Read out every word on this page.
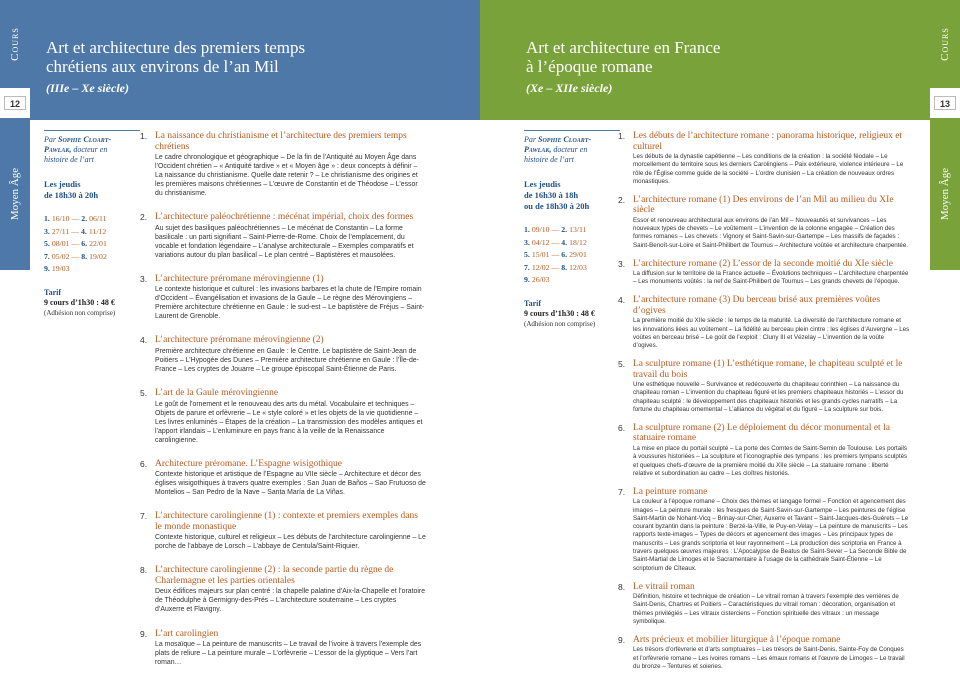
Cours
12
Moyen Âge
Art et architecture des premiers temps
chrétiens aux environs de l’an Mil
(IIIe – Xe siècle)
Par Sophie Cloart-
Pawlak, docteur en
histoire de l’art
Les jeudis
de 18h30 à 20h
1. 16/10 — 2. 06/11
3. 27/11 — 4. 11/12
5. 08/01 — 6. 22/01
7. 05/02 — 8. 19/02
9. 19/03
Tarif
9 cours d’1h30 : 48 €
(Adhésion non comprise)
1. La naissance du christianisme et l’architecture des premiers temps chrétiens
Le cadre chronologique et géographique – De la fin de l’Antiquité au Moyen Âge dans l’Occident chrétien – « Antiquité tardive » et « Moyen âge » : deux concepts à définir – La naissance du christianisme. Quelle date retenir ? – Le christianisme des origines et les premières maisons chrétiennes – L’œuvre de Constantin et de Théodose – L’essor du christianisme.
2. L’architecture paléochrétienne : mécénat impérial, choix des formes
Au sujet des basiliques paléochrétiennes – Le mécénat de Constantin – La forme basilicale : un parti signifiant – Saint-Pierre-de-Rome. Choix de l’emplacement, du vocable et fondation légendaire – L’analyse architecturale – Exemples comparatifs et variations autour du plan basilical – Le plan centré – Baptistères et mausolées.
3. L’architecture préromane mérovingienne (1)
Le contexte historique et culturel : les invasions barbares et la chute de l’Empire romain d’Occident – Évangélisation et invasions de la Gaule – Le règne des Mérovingiens – Première architecture chrétienne en Gaule : le sud-est – Le baptistère de Fréjus – Saint-Laurent de Grenoble.
4. L’architecture préromane mérovingienne (2)
Première architecture chrétienne en Gaule : le Centre. Le baptistère de Saint-Jean de Poitiers – L’Hypogée des Dunes – Première architecture chrétienne en Gaule : l’Île-de-France – Les cryptes de Jouarre – Le groupe épiscopal Saint-Étienne de Paris.
5. L’art de la Gaule mérovingienne
Le goût de l’ornement et le renouveau des arts du métal. Vocabulaire et techniques – Objets de parure et orfèvrerie – Le « style coloré » et les objets de la vie quotidienne – Les livres enluminés – Étapes de la création – La transmission des modèles antiques et l’apport irlandais – L’enluminure en pays franc à la veille de la Renaissance carolingienne.
6. Architecture préromane. L’Espagne wisigothique
Contexte historique et artistique de l’Espagne au VIIe siècle – Architecture et décor des églises wisigothiques à travers quatre exemples : San Juan de Baños – Sao Frutuoso de Montelios – San Pedro de la Nave – Santa María de La Viñas.
7. L’architecture carolingienne (1) : contexte et premiers exemples dans le monde monastique
Contexte historique, culturel et religieux – Les débuts de l’architecture carolingienne – Le porche de l’abbaye de Lorsch – L’abbaye de Centula/Saint-Riquier.
8. L’architecture carolingienne (2) : la seconde partie du règne de Charlemagne et les parties orientales
Deux édifices majeurs sur plan centré : la chapelle palatine d’Aix-la-Chapelle et l’oratoire de Théodulphe à Germigny-des-Prés – L’architecture souterraine – Les cryptes d’Auxerre et Flavigny.
9. L’art carolingien
La mosaïque – La peinture de manuscrits – Le travail de l’ivoire à travers l’exemple des plats de reliure – La peinture murale – L’orfèvrerie – L’essor de la glyptique – Vers l’art roman…
Cours
13
Moyen Âge
Art et architecture en France
à l’époque romane
(Xe – XIIe siècle)
Par Sophie Cloart-
Pawlak, docteur en
histoire de l’art
Les jeudis
de 16h30 à 18h
ou de 18h30 à 20h
1. 09/10 — 2. 13/11
3. 04/12 — 4. 18/12
5. 15/01 — 6. 29/01
7. 12/02 — 8. 12/03
9. 26/03
Tarif
9 cours d’1h30 : 48 €
(Adhésion non comprise)
1. Les débuts de l’architecture romane : panorama historique, religieux et culturel
Les débuts de la dynastie capétienne – Les conditions de la création : la société féodale – Le morcellement du territoire sous les derniers Carolingiens – Paix extérieure, violence intérieure – Le rôle de l’Église comme guide de la société – L’ordre clunisien – La création de nouveaux ordres monastiques.
2. L’architecture romane (1) Des environs de l’an Mil au milieu du XIe siècle
Essor et renouveau architectural aux environs de l’an Mil – Nouveautés et survivances – Les nouveaux types de chevets – Le voûtement – L’invention de la colonne engagée – Création des formes romanes – Les chevets : Vignory et Saint-Savin-sur-Gartempe – Les massifs de façades : Saint-Benoît-sur-Loire et Saint-Philibert de Tournus – Architecture voûtée et architecture charpentée.
3. L’architecture romane (2) L’essor de la seconde moitié du XIe siècle
La diffusion sur le territoire de la France actuelle – Évolutions techniques – L’architecture charpentée – Les monuments voûtés : la nef de Saint-Philibert de Tournus – Les grands chevets de l’époque.
4. L’architecture romane (3) Du berceau brisé aux premières voûtes d’ogives
La première moitié du XIIe siècle : le temps de la maturité. La diversité de l’architecture romane et les innovations liées au voûtement – La fidélité au berceau plein cintre : les églises d’Auvergne – Les voûtes en berceau brisé – Le goût de l’exploit : Cluny III et Vézelay – L’invention de la voûte d’ogives.
5. La sculpture romane (1) L’esthétique romane, le chapiteau sculpté et le travail du bois
Une esthétique nouvelle – Survivance et redécouverte du chapiteau corinthien – La naissance du chapiteau roman – L’invention du chapiteau figuré et les premiers chapiteaux historiés – L’essor du chapiteau sculpté : le développement des chapiteaux historiés et les grands cycles narratifs – La fortune du chapiteau ornemental – L’alliance du végétal et du figuré – La sculpture sur bois.
6. La sculpture romane (2) Le déploiement du décor monumental et la statuaire romane
La mise en place du portail sculpté – La porte des Comtes de Saint-Sernin de Toulouse. Les portails à voussures historiées – La sculpture et l’iconographie des tympans : les premiers tympans sculptés et quelques chefs-d’œuvre de la première moitié du XIIe siècle – La statuaire romane : liberté relative et subordination au cadre – Les cloîtres historiés.
7. La peinture romane
La couleur à l’époque romane – Choix des thèmes et langage formel – Fonction et agencement des images – La peinture murale : les fresques de Saint-Savin-sur-Gartempe – Les peintures de l’église Saint-Martin de Nohant-Vicq – Brinay-sur-Cher, Auxerre et Tavant – Saint-Jacques-des-Guérets – Le courant byzantin dans la peinture : Berzé-la-Ville, le Puy-en-Velay – La peinture de manuscrits – Les rapports texte-images – Types de décors et agencement des images – Les principaux types de manuscrits – Les grands scriptoria et leur rayonnement – La production des scriptoria en France à travers quelques œuvres majeures : L’Apocalypse de Beatus de Saint-Sever – La Seconde Bible de Saint-Martial de Limoges et le Sacramentaire à l’usage de la cathédrale Saint-Étienne – Le scriptorium de Cîteaux.
8. Le vitrail roman
Définition, histoire et technique de création – Le vitrail roman à travers l’exemple des verrières de Saint-Denis, Chartres et Poitiers – Caractéristiques du vitrail roman : décoration, organisation et thèmes privilégiés – Les vitraux cisterciens – Fonction spirituelle des vitraux : un message symbolique.
9. Arts précieux et mobilier liturgique à l’époque romane
Les trésors d’orfèvrerie et d’arts somptuaires – Les trésors de Saint-Denis, Sainte-Foy de Conques et l’orfèvrerie romane – Les ivoires romans – Les émaux romans et l’œuvre de Limoges – Le travail du bronze – Tentures et soieries.
